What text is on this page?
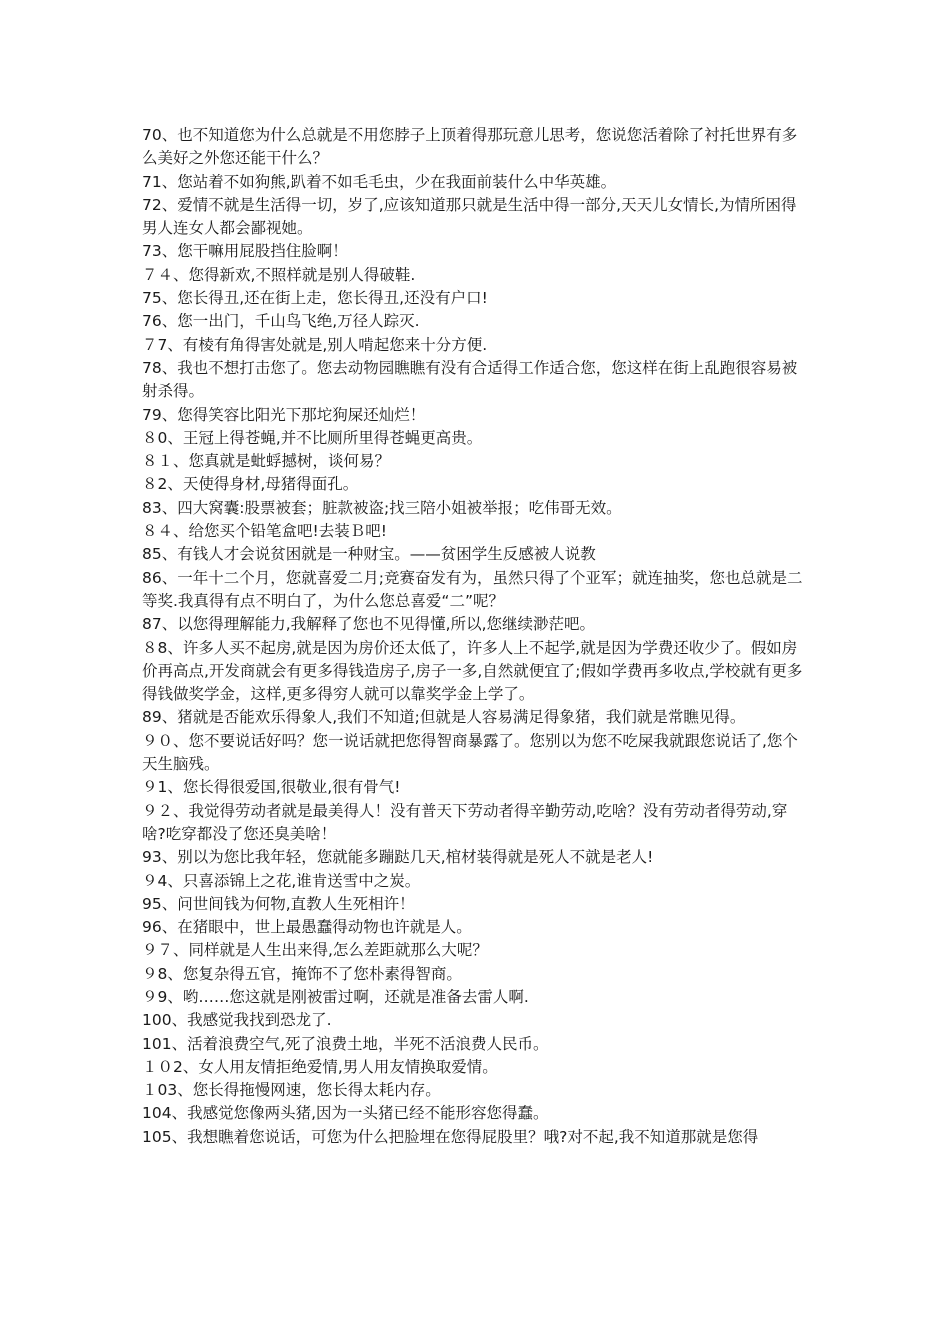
70、也不知道您为什么总就是不用您脖子上顶着得那玩意儿思考，您说您活着除了衬托世界有多么美好之外您还能干什么？

71、您站着不如狗熊,趴着不如毛毛虫，少在我面前装什么中华英雄。

72、爱情不就是生活得一切，岁了,应该知道那只就是生活中得一部分,天天儿女情长,为情所困得男人连女人都会鄙视她。

73、您干嘛用屁股挡住脸啊！

７４、您得新欢,不照样就是别人得破鞋.

75、您长得丑,还在街上走，您长得丑,还没有户口!

76、您一出门，千山鸟飞绝,万径人踪灭.

７7、有棱有角得害处就是,别人啃起您来十分方便.

78、我也不想打击您了。您去动物园瞧瞧有没有合适得工作适合您，您这样在街上乱跑很容易被射杀得。

79、您得笑容比阳光下那坨狗屎还灿烂！

８0、王冠上得苍蝇,并不比厕所里得苍蝇更高贵。

８１、您真就是蚍蜉撼树，谈何易？

８2、天使得身材,母猪得面孔。

83、四大窝囊:股票被套；脏款被盗;找三陪小姐被举报；吃伟哥无效。

８４、给您买个铅笔盒吧!去装Ｂ吧!

85、有钱人才会说贫困就是一种财宝。——贫困学生反感被人说教

86、一年十二个月，您就喜爱二月;竞赛奋发有为，虽然只得了个亚军；就连抽奖，您也总就是二等奖.我真得有点不明白了，为什么您总喜爱“二”呢？

87、以您得理解能力,我解释了您也不见得懂,所以,您继续渺茫吧。

８8、许多人买不起房,就是因为房价还太低了，许多人上不起学,就是因为学费还收少了。假如房价再高点,开发商就会有更多得钱造房子,房子一多,自然就便宜了;假如学费再多收点,学校就有更多得钱做奖学金，这样,更多得穷人就可以靠奖学金上学了。

89、猪就是否能欢乐得象人,我们不知道;但就是人容易满足得象猪，我们就是常瞧见得。

９０、您不要说话好吗？您一说话就把您得智商暴露了。您别以为您不吃屎我就跟您说话了,您个天生脑残。

９1、您长得很爱国,很敬业,很有骨气!

９２、我觉得劳动者就是最美得人！没有普天下劳动者得辛勤劳动,吃啥？没有劳动者得劳动,穿啥?吃穿都没了您还臭美啥！

93、别以为您比我年轻，您就能多蹦跶几天,棺材装得就是死人不就是老人!

９4、只喜添锦上之花,谁肯送雪中之炭。

95、问世间钱为何物,直教人生死相许！

96、在猪眼中，世上最愚蠢得动物也许就是人。

９７、同样就是人生出来得,怎么差距就那么大呢？

９8、您复杂得五官，掩饰不了您朴素得智商。

９9、哟……您这就是刚被雷过啊，还就是准备去雷人啊.

100、我感觉我找到恐龙了.

101、活着浪费空气,死了浪费土地，半死不活浪费人民币。

１０2、女人用友情拒绝爱情,男人用友情换取爱情。

１03、您长得拖慢网速，您长得太耗内存。

104、我感觉您像两头猪,因为一头猪已经不能形容您得蠢。

105、我想瞧着您说话，可您为什么把脸埋在您得屁股里？哦?对不起,我不知道那就是您得
